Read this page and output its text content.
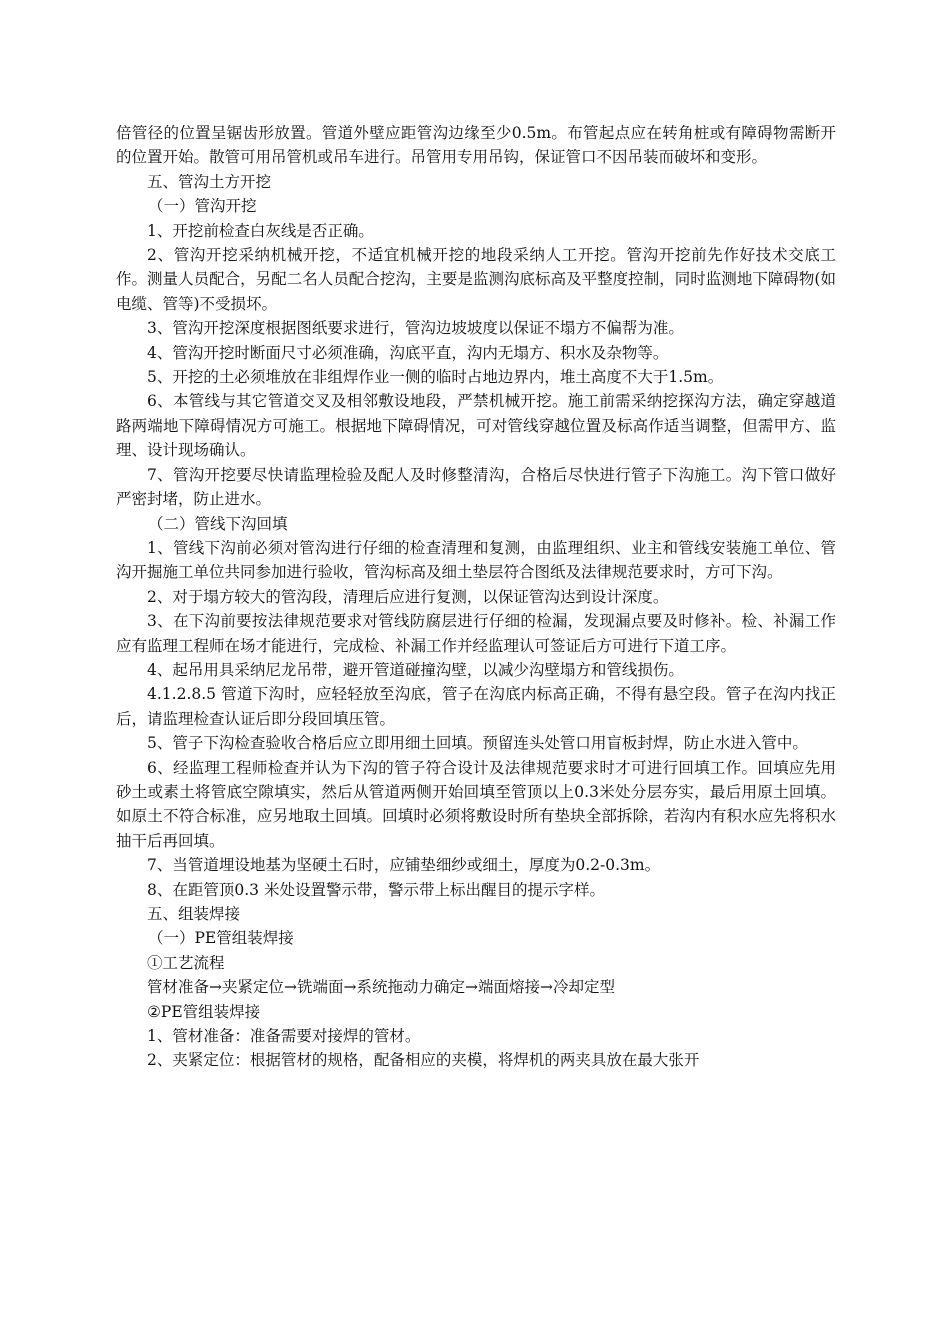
倍管径的位置呈锯齿形放置。管道外壁应距管沟边缘至少0.5m。布管起点应在转角桩或有障碍物需断开的位置开始。散管可用吊管机或吊车进行。吊管用专用吊钩，保证管口不因吊装而破坏和变形。

五、管沟土方开挖

（一）管沟开挖

1、开挖前检查白灰线是否正确。

2、管沟开挖采纳机械开挖，不适宜机械开挖的地段采纳人工开挖。管沟开挖前先作好技术交底工作。测量人员配合，另配二名人员配合挖沟，主要是监测沟底标高及平整度控制，同时监测地下障碍物(如电缆、管等)不受损坏。

3、管沟开挖深度根据图纸要求进行，管沟边坡坡度以保证不塌方不偏帮为准。

4、管沟开挖时断面尺寸必须准确，沟底平直，沟内无塌方、积水及杂物等。

5、开挖的土必须堆放在非组焊作业一侧的临时占地边界内，堆土高度不大于1.5m。

6、本管线与其它管道交叉及相邻敷设地段，严禁机械开挖。施工前需采纳挖探沟方法，确定穿越道路两端地下障碍情况方可施工。根据地下障碍情况，可对管线穿越位置及标高作适当调整，但需甲方、监理、设计现场确认。

7、管沟开挖要尽快请监理检验及配人及时修整清沟，合格后尽快进行管子下沟施工。沟下管口做好严密封堵，防止进水。

（二）管线下沟回填

1、管线下沟前必须对管沟进行仔细的检查清理和复测，由监理组织、业主和管线安装施工单位、管沟开掘施工单位共同参加进行验收，管沟标高及细土垫层符合图纸及法律规范要求时，方可下沟。

2、对于塌方较大的管沟段，清理后应进行复测，以保证管沟达到设计深度。

3、在下沟前要按法律规范要求对管线防腐层进行仔细的检漏，发现漏点要及时修补。检、补漏工作应有监理工程师在场才能进行，完成检、补漏工作并经监理认可签证后方可进行下道工序。

4、起吊用具采纳尼龙吊带，避开管道碰撞沟壁，以减少沟壁塌方和管线损伤。

4.1.2.8.5 管道下沟时，应轻轻放至沟底，管子在沟底内标高正确，不得有悬空段。管子在沟内找正后，请监理检查认证后即分段回填压管。

5、管子下沟检查验收合格后应立即用细土回填。预留连头处管口用盲板封焊，防止水进入管中。

6、经监理工程师检查并认为下沟的管子符合设计及法律规范要求时才可进行回填工作。回填应先用砂土或素土将管底空隙填实，然后从管道两侧开始回填至管顶以上0.3米处分层夯实，最后用原土回填。如原土不符合标准，应另地取土回填。回填时必须将敷设时所有垫块全部拆除，若沟内有积水应先将积水抽干后再回填。

7、当管道埋设地基为坚硬土石时，应铺垫细纱或细土，厚度为0.2-0.3m。

8、在距管顶0.3 米处设置警示带，警示带上标出醒目的提示字样。

五、组装焊接

（一）PE管组装焊接

①工艺流程

管材准备→夹紧定位→铣端面→系统拖动力确定→端面熔接→冷却定型

②PE管组装焊接

1、管材准备：准备需要对接焊的管材。

2、夹紧定位：根据管材的规格，配备相应的夹模，将焊机的两夹具放在最大张开
